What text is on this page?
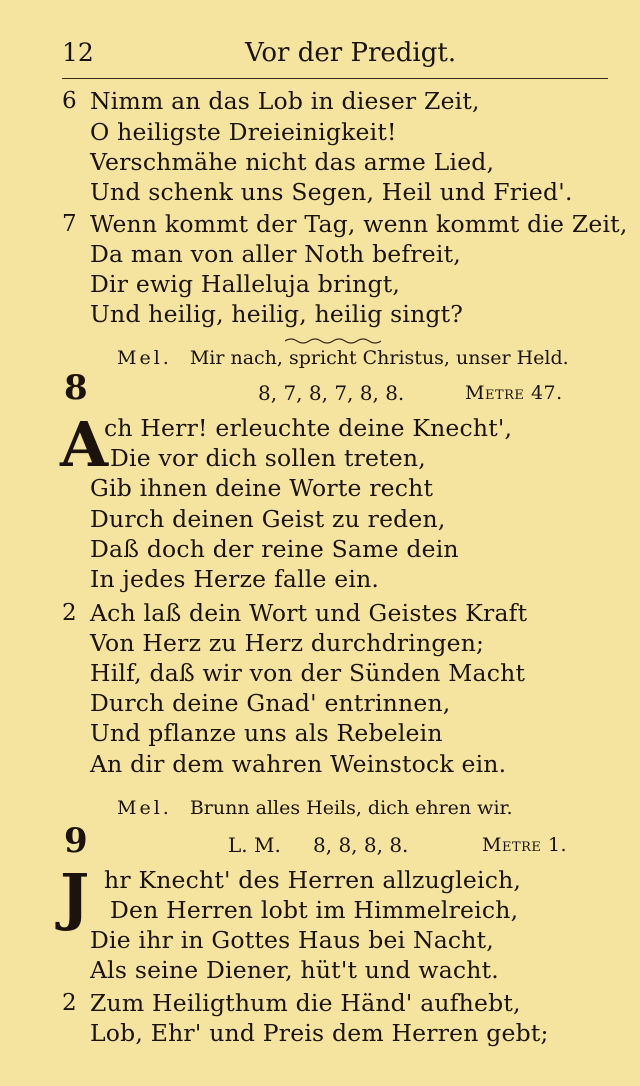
12	Vor der Predigt.
6 Nimm an das Lob in dieser Zeit,
O heiligste Dreieinigkeit!
Verschmähe nicht das arme Lied,
Und schenk uns Segen, Heil und Fried'.
7 Wenn kommt der Tag, wenn kommt die Zeit,
Da man von aller Noth befreit,
Dir ewig Halleluja bringt,
Und heilig, heilig, heilig singt?
Mel. Mir nach, spricht Christus, unser Held.
8	8, 7, 8, 7, 8, 8.	Metre 47.
A
ch Herr! erleuchte deine Knecht',
Die vor dich sollen treten,
Gib ihnen deine Worte recht
Durch deinen Geist zu reden,
Daß doch der reine Same dein
In jedes Herze falle ein.
2 Ach laß dein Wort und Geistes Kraft
Von Herz zu Herz durchdringen;
Hilf, daß wir von der Sünden Macht
Durch deine Gnad' entrinnen,
Und pflanze uns als Rebelein
An dir dem wahren Weinstock ein.
Mel. Brunn alles Heils, dich ehren wir.
9	L. M. 8, 8, 8, 8.	Metre 1.
J hr Knecht' des Herren allzugleich,
Den Herren lobt im Himmelreich,
Die ihr in Gottes Haus bei Nacht,
Als seine Diener, hüt't und wacht.
2 Zum Heiligthum die Händ' aufhebt,
Lob, Ehr' und Preis dem Herren gebt;
